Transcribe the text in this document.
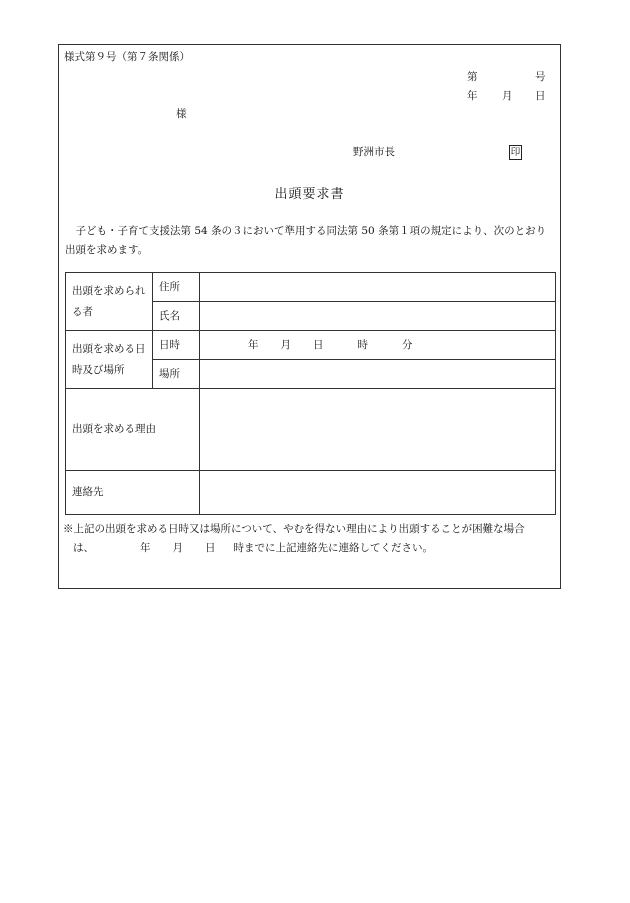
様式第９号（第７条関係）
第	号
年 月 日
様
野洲市長	印
出頭要求書
子ども・子育て支援法第 54 条の３において準用する同法第 50 条第１項の規定により、次のとおり出頭を求めます。
出頭を求められる者	住所	
	氏名	

出頭を求める日時及び場所	日時	年 月 日 時 分
	場所	
出頭を求める理由		
連絡先		
※上記の出頭を求める日時又は場所について、やむを得ない理由により出頭することが困難な場合
は、	年 月 日 時までに上記連絡先に連絡してください。
